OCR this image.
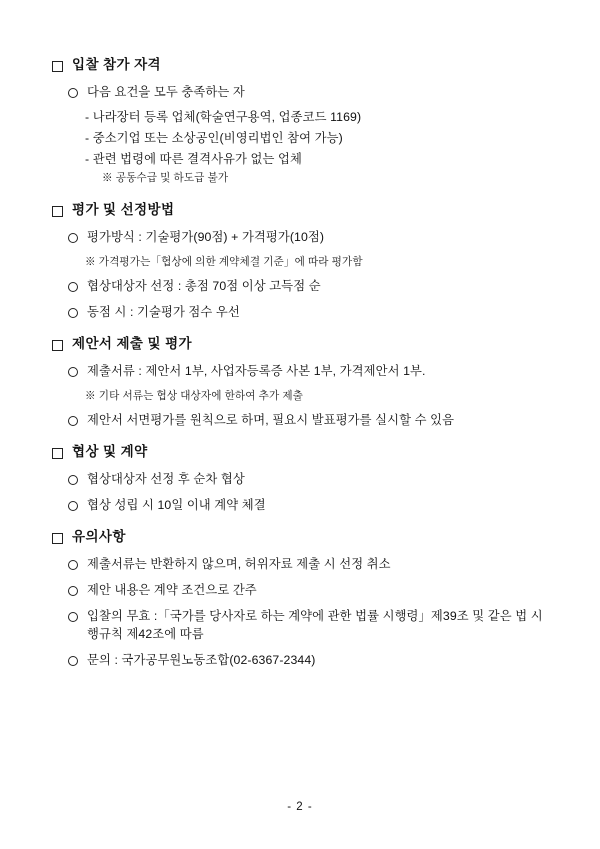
입찰 참가 자격
다음 요건을 모두 충족하는 자
- 나라장터 등록 업체(학술연구용역, 업종코드 1169)
- 중소기업 또는 소상공인(비영리법인 참여 가능)
- 관련 법령에 따른 결격사유가 없는 업체
※ 공동수급 및 하도급 불가
평가 및 선정방법
평가방식 : 기술평가(90점) + 가격평가(10점)
※ 가격평가는「협상에 의한 계약체결 기준」에 따라 평가함
협상대상자 선정 : 총점 70점 이상 고득점 순
동점 시 : 기술평가 점수 우선
제안서 제출 및 평가
제출서류 : 제안서 1부, 사업자등록증 사본 1부, 가격제안서 1부.
※ 기타 서류는 협상 대상자에 한하여 추가 제출
제안서 서면평가를 원칙으로 하며, 필요시 발표평가를 실시할 수 있음
협상 및 계약
협상대상자 선정 후 순차 협상
협상 성립 시 10일 이내 계약 체결
유의사항
제출서류는 반환하지 않으며, 허위자료 제출 시 선정 취소
제안 내용은 계약 조건으로 간주
입찰의 무효 :「국가를 당사자로 하는 계약에 관한 법률 시행령」제39조 및 같은 법 시행규칙 제42조에 따름
문의 : 국가공무원노동조합(02-6367-2344)
- 2 -
